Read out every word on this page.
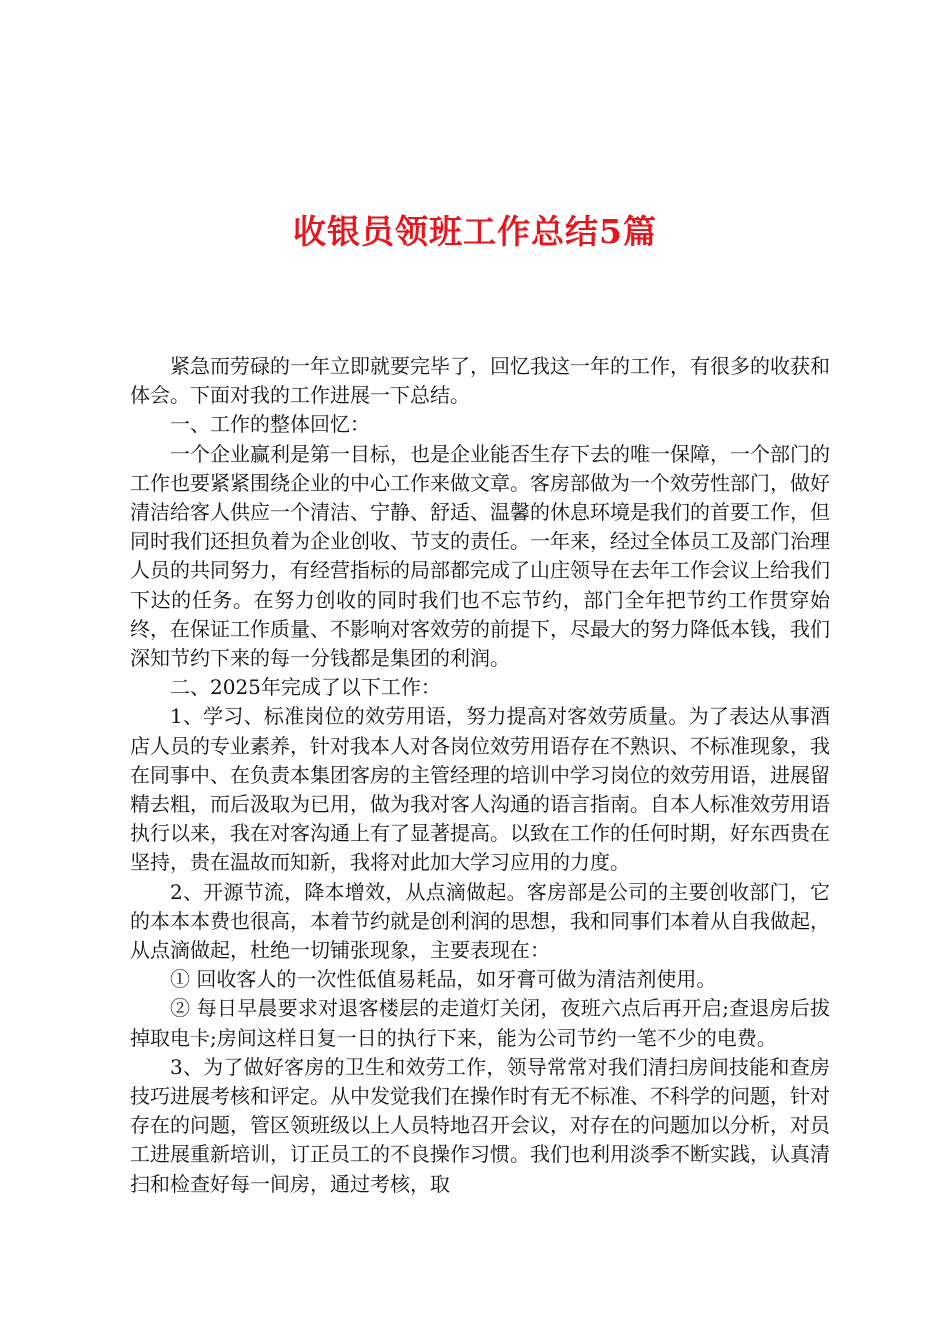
收银员领班工作总结5篇

紧急而劳碌的一年立即就要完毕了，回忆我这一年的工作，有很多的收获和体会。下面对我的工作进展一下总结。

一、工作的整体回忆：

一个企业赢利是第一目标，也是企业能否生存下去的唯一保障，一个部门的工作也要紧紧围绕企业的中心工作来做文章。客房部做为一个效劳性部门，做好清洁给客人供应一个清洁、宁静、舒适、温馨的休息环境是我们的首要工作，但同时我们还担负着为企业创收、节支的责任。一年来，经过全体员工及部门治理人员的共同努力，有经营指标的局部都完成了山庄领导在去年工作会议上给我们下达的任务。在努力创收的同时我们也不忘节约，部门全年把节约工作贯穿始终，在保证工作质量、不影响对客效劳的前提下，尽最大的努力降低本钱，我们深知节约下来的每一分钱都是集团的利润。

二、2025年完成了以下工作：

1、学习、标准岗位的效劳用语，努力提高对客效劳质量。为了表达从事酒店人员的专业素养，针对我本人对各岗位效劳用语存在不熟识、不标准现象，我在同事中、在负责本集团客房的主管经理的培训中学习岗位的效劳用语，进展留精去粗，而后汲取为已用，做为我对客人沟通的语言指南。自本人标准效劳用语执行以来，我在对客沟通上有了显著提高。以致在工作的任何时期，好东西贵在坚持，贵在温故而知新，我将对此加大学习应用的力度。

2、开源节流，降本增效，从点滴做起。客房部是公司的主要创收部门，它的本本本费也很高，本着节约就是创利润的思想，我和同事们本着从自我做起，从点滴做起，杜绝一切铺张现象，主要表现在：

① 回收客人的一次性低值易耗品，如牙膏可做为清洁剂使用。

② 每日早晨要求对退客楼层的走道灯关闭，夜班六点后再开启;查退房后拔掉取电卡;房间这样日复一日的执行下来，能为公司节约一笔不少的电费。

3、为了做好客房的卫生和效劳工作，领导常常对我们清扫房间技能和查房技巧进展考核和评定。从中发觉我们在操作时有无不标准、不科学的问题，针对存在的问题，管区领班级以上人员特地召开会议，对存在的问题加以分析，对员工进展重新培训，订正员工的不良操作习惯。我们也利用淡季不断实践，认真清扫和检查好每一间房，通过考核，取
